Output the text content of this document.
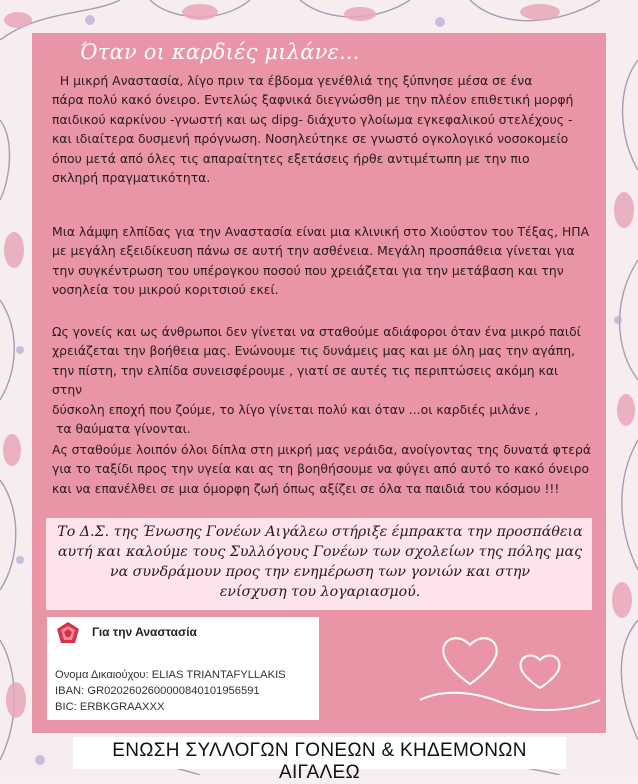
Όταν οι καρδιές μιλάνε...
Η μικρή Αναστασία, λίγο πριν τα έβδομα γενέθλιά της ξύπνησε μέσα σε ένα
πάρα πολύ κακό όνειρο. Εντελώς ξαφνικά διεγνώσθη με την πλέον επιθετική μορφή
παιδικού καρκίνου -γνωστή και ως dipg- διάχυτο γλοίωμα εγκεφαλικού στελέχους -
και ιδιαίτερα δυσμενή πρόγνωση. Νοσηλεύτηκε σε γνωστό ογκολογικό νοσοκομείο
όπου μετά από όλες τις απαραίτητες εξετάσεις ήρθε αντιμέτωπη με την πιο
σκληρή πραγματικότητα.
Μια λάμψη ελπίδας για την Αναστασία είναι μια κλινική στο Χιούστον του Τέξας, ΗΠΑ
με μεγάλη εξειδίκευση πάνω σε αυτή την ασθένεια. Μεγάλη προσπάθεια γίνεται για
την συγκέντρωση του υπέρογκου ποσού που χρειάζεται για την μετάβαση και την
νοσηλεία του μικρού κοριτσιού εκεί.
Ως γονείς και ως άνθρωποι δεν γίνεται να σταθούμε αδιάφοροι όταν ένα μικρό παιδί
χρειάζεται την βοήθεια μας. Ενώνουμε τις δυνάμεις μας και με όλη μας την αγάπη,
την πίστη, την ελπίδα συνεισφέρουμε , γιατί σε αυτές τις περιπτώσεις ακόμη και στην
δύσκολη εποχή που ζούμε, το λίγο γίνεται πολύ και όταν ...οι καρδιές μιλάνε ,
τα θαύματα γίνονται.
Ας σταθούμε λοιπόν όλοι δίπλα στη μικρή μας νεράιδα, ανοίγοντας της δυνατά φτερά
για το ταξίδι προς την υγεία και ας τη βοηθήσουμε να φύγει από αυτό το κακό όνειρο
και να επανέλθει σε μια όμορφη ζωή όπως αξίζει σε όλα τα παιδιά του κόσμου !!!
Το Δ.Σ. της Ένωσης Γονέων Αιγάλεω στήριξε έμπρακτα την προσπάθεια
αυτή και καλούμε τους Συλλόγους Γονέων των σχολείων της πόλης μας
να συνδράμουν προς την ενημέρωση των γονιών και στην
ενίσχυση του λογαριασμού.
Για την Αναστασία
Ονομα Δικαιούχου: ELIAS TRIANTAFYLLAKIS
IBAN: GR0202602600000840101956591
BIC: ERBKGRAAXXX
ΕΝΩΣΗ ΣΥΛΛΟΓΩΝ ΓΟΝΕΩΝ & ΚΗΔΕΜΟΝΩΝ ΑΙΓΑΛΕΩ
